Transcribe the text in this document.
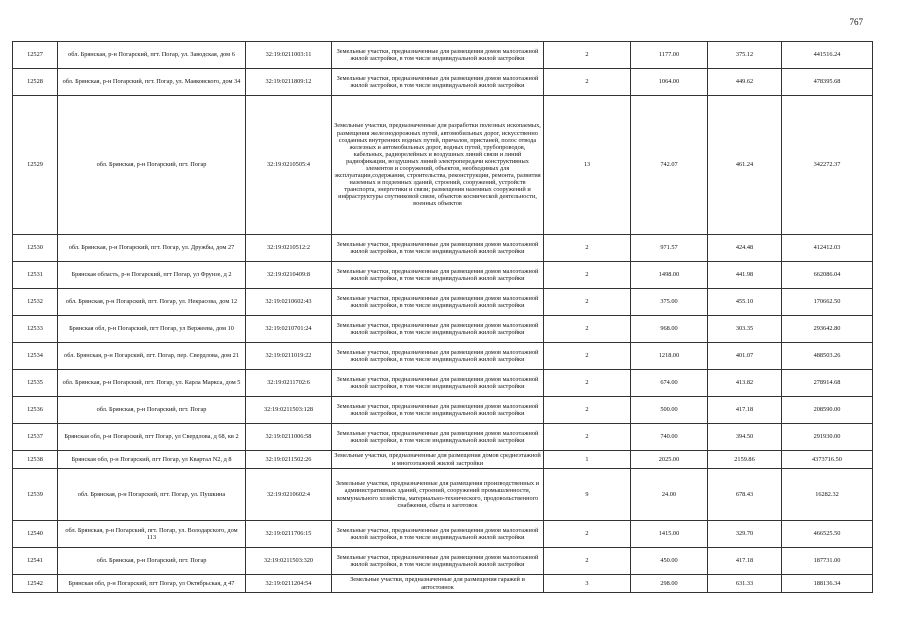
767
12527	обл. Брянская, р-н Погарский, пгт. Погар, ул. Заводская, дом 6	32:19:0211003:11	Земельные участки, предназначенные для размещения домов малоэтажной жилой застройки, в том числе индивидуальной жилой застройки	2	1177.00	375.12	441516.24
12528	обл. Брянская, р-н Погарский, пгт. Погар, ул. Маяковского, дом 34	32:19:0211809:12	Земельные участки, предназначенные для размещения домов малоэтажной жилой застройки, в том числе индивидуальной жилой застройки	2	1064.00	449.62	478395.68
12529	обл. Брянская, р-н Погарский, пгт. Погар	32:19:0210505:4	Земельные участки, предназначенные для разработки полезных ископаемых, размещения железнодорожных путей, автомобильных дорог, искусственно созданных внутренних водных путей, причалов, пристаней, полос отвода железных и автомобильных дорог, водных путей, трубопроводов, кабельных, радиорелейных и воздушных линий связи и линий радиофикации, воздушных линий электропередачи конструктивных элементов и сооружений, объектов, необходимых для эксплуатации,содержания, строительства, реконструкции, ремонта, развития наземных и подземных зданий, строений, сооружений, устройств транспорта, энергетики и связи; размещения наземных сооружений и инфраструктуры спутниковой связи, объектов космической деятельности, военных объектов	13	742.07	461.24	342272.37
12530	обл. Брянская, р-н Погарский, пгт. Погар, ул. Дружбы, дом 27	32:19:0210512:2	Земельные участки, предназначенные для размещения домов малоэтажной жилой застройки, в том числе индивидуальной жилой застройки	2	971.57	424.48	412412.03
12531	Брянская область, р-н Погарский, пгт Погар, ул Фрунзе, д 2	32:19:0210409:8	Земельные участки, предназначенные для размещения домов малоэтажной жилой застройки, в том числе индивидуальной жилой застройки	2	1498.00	441.98	662086.04
12532	обл. Брянская, р-н Погарский, пгт. Погар, ул. Некрасова, дом 12	32:19:0210602:43	Земельные участки, предназначенные для размещения домов малоэтажной жилой застройки, в том числе индивидуальной жилой застройки	2	375.00	455.10	170662.50
12533	Брянская обл, р-н Погарский, пгт Погар, ул Вержеева, дом 10	32:19:0210701:24	Земельные участки, предназначенные для размещения домов малоэтажной жилой застройки, в том числе индивидуальной жилой застройки	2	968.00	303.35	293642.80
12534	обл. Брянская, р-н Погарский, пгт. Погар, пер. Свердлова, дом 21	32:19:0211019:22	Земельные участки, предназначенные для размещения домов малоэтажной жилой застройки, в том числе индивидуальной жилой застройки	2	1218.00	401.07	488503.26
12535	обл. Брянская, р-н Погарский, пгт. Погар, ул. Карла Маркса, дом 5	32:19:0211702:6	Земельные участки, предназначенные для размещения домов малоэтажной жилой застройки, в том числе индивидуальной жилой застройки	2	674.00	413.82	278914.68
12536	обл. Брянская, р-н Погарский, пгт. Погар	32:19:0211503:128	Земельные участки, предназначенные для размещения домов малоэтажной жилой застройки, в том числе индивидуальной жилой застройки	2	500.00	417.18	208590.00
12537	Брянская обл, р-н Погарский, пгт Погар, ул Свердлова, д 68, кв 2	32:19:0211006:58	Земельные участки, предназначенные для размещения домов малоэтажной жилой застройки, в том числе индивидуальной жилой застройки	2	740.00	394.50	291930.00
12538	Брянская обл, р-н Погарский, пгт Погар, ул Квартал N2, д 8	32:19:0211502:26	Земельные участки, предназначенные для размещения домов среднеэтажной и многоэтажной жилой застройки	1	2025.00	2159.86	4373716.50
12539	обл. Брянская, р-н Погарский, пгт. Погар, ул. Пушкина	32:19:0210602:4	Земельные участки, предназначенные для размещения производственных и административных зданий, строений, сооружений промышленности, коммунального хозяйства, материально-технического, продовольственного снабжения, сбыта и заготовок	9	24.00	678.43	16282.32
12540	обл. Брянская, р-н Погарский, пгт. Погар, ул. Володарского, дом 113	32:19:0211706:15	Земельные участки, предназначенные для размещения домов малоэтажной жилой застройки, в том числе индивидуальной жилой застройки	2	1415.00	329.70	466525.50
12541	обл. Брянская, р-н Погарский, пгт. Погар	32:19:0211503:320	Земельные участки, предназначенные для размещения домов малоэтажной жилой застройки, в том числе индивидуальной жилой застройки	2	450.00	417.18	187731.00
12542	Брянская обл, р-н Погарский, пгт Погар, ул Октябрьская, д 47	32:19:0211204:54	Земельные участки, предназначенные для размещения гаражей и автостоянок	3	298.00	631.33	188136.34
